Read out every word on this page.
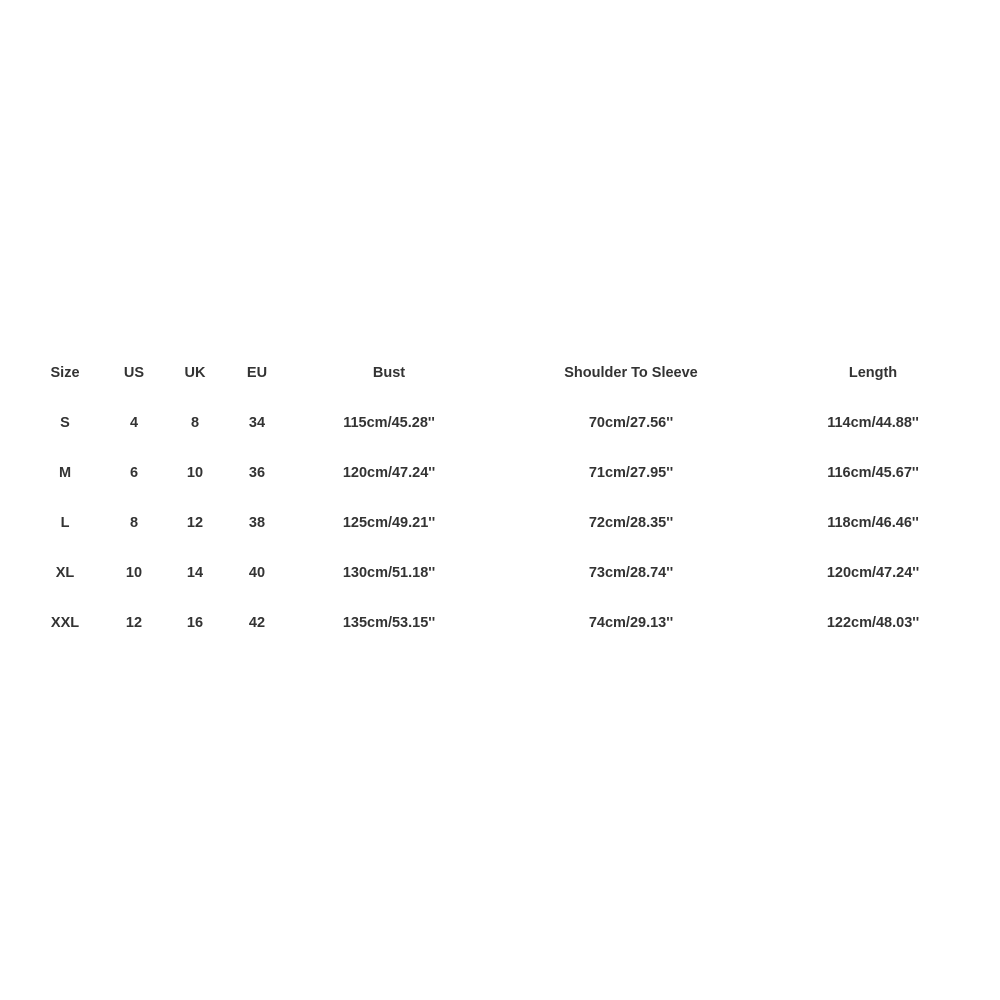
Size	US	UK	EU	Bust	Shoulder To Sleeve	Length
S	4	8	34	115cm/45.28''	70cm/27.56''	114cm/44.88''
M	6	10	36	120cm/47.24''	71cm/27.95''	116cm/45.67''
L	8	12	38	125cm/49.21''	72cm/28.35''	118cm/46.46''
XL	10	14	40	130cm/51.18''	73cm/28.74''	120cm/47.24''
XXL	12	16	42	135cm/53.15''	74cm/29.13''	122cm/48.03''
